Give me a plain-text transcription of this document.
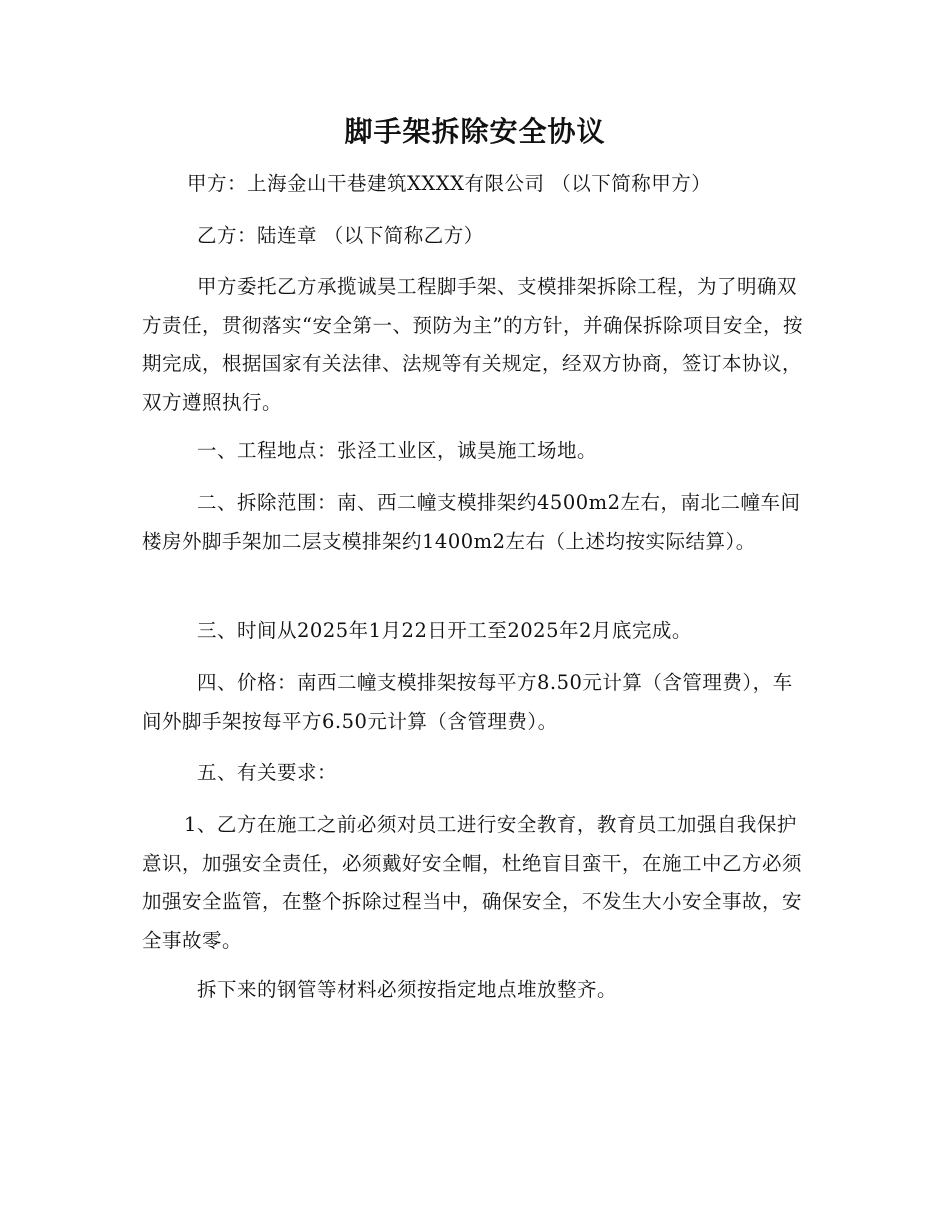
脚手架拆除安全协议

甲方：上海金山干巷建筑XXXX有限公司 （以下简称甲方）

乙方：陆连章 （以下简称乙方）

甲方委托乙方承揽诚昊工程脚手架、支模排架拆除工程，为了明确双方责任，贯彻落实“安全第一、预防为主”的方针，并确保拆除项目安全，按期完成，根据国家有关法律、法规等有关规定，经双方协商，签订本协议，双方遵照执行。

一、工程地点：张泾工业区，诚昊施工场地。

二、拆除范围：南、西二幢支模排架约4500m2左右，南北二幢车间楼房外脚手架加二层支模排架约1400m2左右（上述均按实际结算）。

三、时间从2025年1月22日开工至2025年2月底完成。

四、价格：南西二幢支模排架按每平方8.50元计算（含管理费），车间外脚手架按每平方6.50元计算（含管理费）。

五、有关要求：

1、乙方在施工之前必须对员工进行安全教育，教育员工加强自我保护意识，加强安全责任，必须戴好安全帽，杜绝盲目蛮干，在施工中乙方必须加强安全监管，在整个拆除过程当中，确保安全，不发生大小安全事故，安全事故零。

拆下来的钢管等材料必须按指定地点堆放整齐。
